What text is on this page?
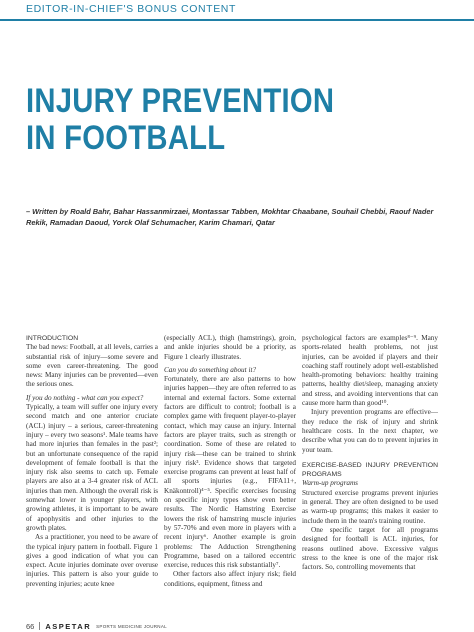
EDITOR-IN-CHIEF'S BONUS CONTENT
INJURY PREVENTION
IN FOOTBALL
– Written by Roald Bahr, Bahar Hassanmirzaei, Montassar Tabben, Mokhtar Chaabane, Souhail Chebbi, Raouf Nader Rekik, Ramadan Daoud, Yorck Olaf Schumacher, Karim Chamari, Qatar

INTRODUCTION

The bad news: Football, at all levels, carries a substantial risk of injury—some severe and some even career-threatening. The good news: Many injuries can be prevented—even the serious ones.

If you do nothing - what can you expect?

Typically, a team will suffer one injury every second match and one anterior cruciate (ACL) injury – a serious, career-threatening injury – every two seasons¹. Male teams have had more injuries than females in the past²; but an unfortunate consequence of the rapid development of female football is that the injury risk also seems to catch up. Female players are also at a 3-4 greater risk of ACL injuries than men. Although the overall risk is somewhat lower in younger players, with growing athletes, it is important to be aware of apophysitis and other injuries to the growth plates.

As a practitioner, you need to be aware of the typical injury pattern in football. Figure 1 gives a good indication of what you can expect. Acute injuries dominate over overuse injuries. This pattern is also your guide to preventing injuries; acute knee

(especially ACL), thigh (hamstrings), groin, and ankle injuries should be a priority, as Figure 1 clearly illustrates.

Can you do something about it?

Fortunately, there are also patterns to how injuries happen—they are often referred to as internal and external factors. Some external factors are difficult to control; football is a complex game with frequent player-to-player contact, which may cause an injury. Internal factors are player traits, such as strength or coordination. Some of these are related to injury risk—these can be trained to shrink injury risk³. Evidence shows that targeted exercise programs can prevent at least half of all sports injuries (e.g., FIFA11+, Knäkontroll)⁴⁻⁵. Specific exercises focusing on specific injury types show even better results. The Nordic Hamstring Exercise lowers the risk of hamstring muscle injuries by 57-70% and even more in players with a recent injury⁶. Another example is groin problems: The Adduction Strengthening Programme, based on a tailored eccentric exercise, reduces this risk substantially⁷.

Other factors also affect injury risk; field conditions, equipment, fitness and

psychological factors are examples⁸⁻⁹. Many sports-related health problems, not just injuries, can be avoided if players and their coaching staff routinely adopt well-established health-promoting behaviors: healthy training patterns, healthy diet/sleep, managing anxiety and stress, and avoiding interventions that can cause more harm than good¹⁰.

Injury prevention programs are effective—they reduce the risk of injury and shrink healthcare costs. In the next chapter, we describe what you can do to prevent injuries in your team.

EXERCISE-BASED INJURY PREVENTION PROGRAMS

Warm-up programs

Structured exercise programs prevent injuries in general. They are often designed to be used as warm-up programs; this makes it easier to include them in the team's training routine.

One specific target for all programs designed for football is ACL injuries, for reasons outlined above. Excessive valgus stress to the knee is one of the major risk factors. So, controlling movements that

66 ASPETAR SPORTS MEDICINE JOURNAL
